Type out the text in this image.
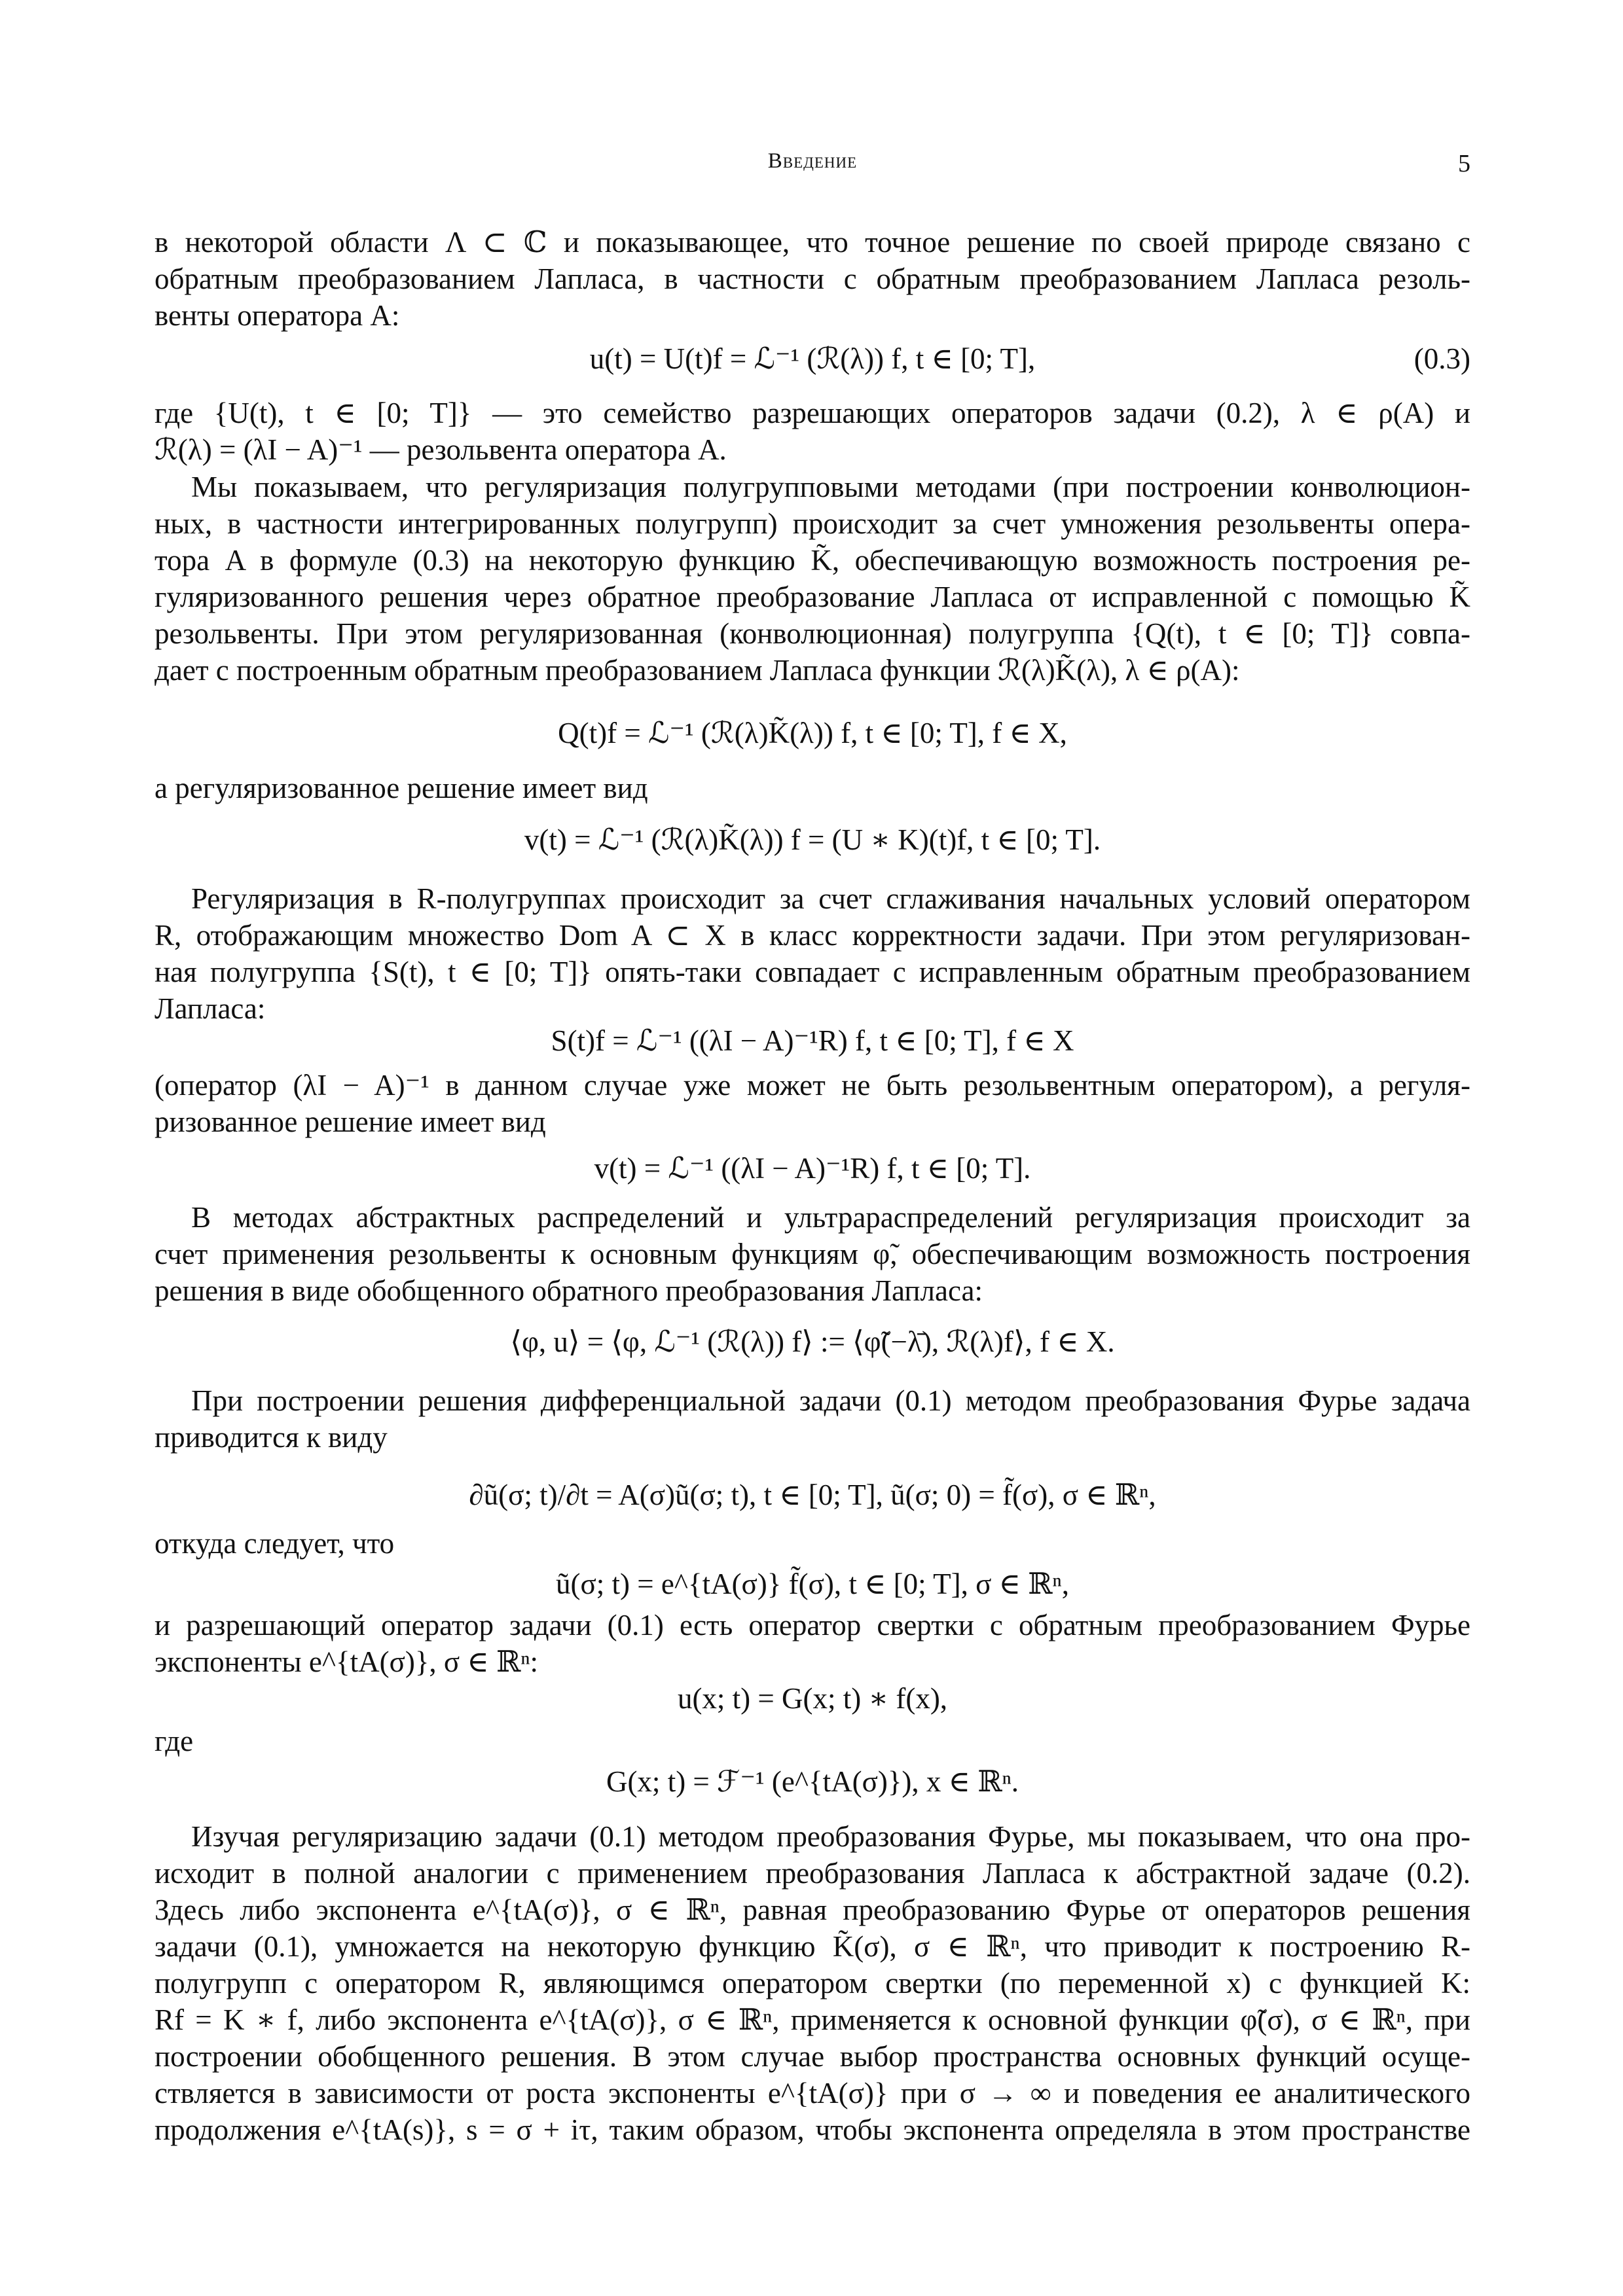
Введение	5
в некоторой области Λ ⊂ ℂ и показывающее, что точное решение по своей природе связано с
обратным преобразованием Лапласа, в частности с обратным преобразованием Лапласа резоль-
венты оператора A:
u(t) = U(t)f = ℒ⁻¹ (ℛ(λ)) f, t ∈ [0; T],	(0.3)
где {U(t), t ∈ [0; T]} — это семейство разрешающих операторов задачи (0.2), λ ∈ ρ(A) и
ℛ(λ) = (λI − A)⁻¹ — резольвента оператора A.
Мы показываем, что регуляризация полугрупповыми методами (при построении конволюцион-
ных, в частности интегрированных полугрупп) происходит за счет умножения резольвенты опера-
тора A в формуле (0.3) на некоторую функцию K̃, обеспечивающую возможность построения ре-
гуляризованного решения через обратное преобразование Лапласа от исправленной с помощью K̃
резольвенты. При этом регуляризованная (конволюционная) полугруппа {Q(t), t ∈ [0; T]} совпа-
дает с построенным обратным преобразованием Лапласа функции ℛ(λ)K̃(λ), λ ∈ ρ(A):
Q(t)f = ℒ⁻¹ (ℛ(λ)K̃(λ)) f, t ∈ [0; T], f ∈ X,
а регуляризованное решение имеет вид
v(t) = ℒ⁻¹ (ℛ(λ)K̃(λ)) f = (U ∗ K)(t)f, t ∈ [0; T].
Регуляризация в R-полугруппах происходит за счет сглаживания начальных условий оператором
R, отображающим множество Dom A ⊂ X в класс корректности задачи. При этом регуляризован-
ная полугруппа {S(t), t ∈ [0; T]} опять-таки совпадает с исправленным обратным преобразованием
Лапласа:
S(t)f = ℒ⁻¹ ((λI − A)⁻¹R) f, t ∈ [0; T], f ∈ X
(оператор (λI − A)⁻¹ в данном случае уже может не быть резольвентным оператором), а регуля-
ризованное решение имеет вид
v(t) = ℒ⁻¹ ((λI − A)⁻¹R) f, t ∈ [0; T].
В методах абстрактных распределений и ультрараспределений регуляризация происходит за
счет применения резольвенты к основным функциям φ̃, обеспечивающим возможность построения
решения в виде обобщенного обратного преобразования Лапласа:
⟨φ, u⟩ = ⟨φ, ℒ⁻¹ (ℛ(λ)) f⟩ := ⟨φ̃(−λ̄), ℛ(λ)f⟩, f ∈ X.
При построении решения дифференциальной задачи (0.1) методом преобразования Фурье задача
приводится к виду
∂ũ(σ; t)/∂t = A(σ)ũ(σ; t), t ∈ [0; T], ũ(σ; 0) = f̃(σ), σ ∈ ℝⁿ,
откуда следует, что
ũ(σ; t) = e^{tA(σ)} f̃(σ), t ∈ [0; T], σ ∈ ℝⁿ,
и разрешающий оператор задачи (0.1) есть оператор свертки с обратным преобразованием Фурье
экспоненты e^{tA(σ)}, σ ∈ ℝⁿ:
u(x; t) = G(x; t) ∗ f(x),
где
G(x; t) = ℱ⁻¹ (e^{tA(σ)}), x ∈ ℝⁿ.
Изучая регуляризацию задачи (0.1) методом преобразования Фурье, мы показываем, что она про-
исходит в полной аналогии с применением преобразования Лапласа к абстрактной задаче (0.2).
Здесь либо экспонента e^{tA(σ)}, σ ∈ ℝⁿ, равная преобразованию Фурье от операторов решения
задачи (0.1), умножается на некоторую функцию K̃(σ), σ ∈ ℝⁿ, что приводит к построению R-
полугрупп с оператором R, являющимся оператором свертки (по переменной x) с функцией K:
Rf = K ∗ f, либо экспонента e^{tA(σ)}, σ ∈ ℝⁿ, применяется к основной функции φ̃(σ), σ ∈ ℝⁿ, при
построении обобщенного решения. В этом случае выбор пространства основных функций осуще-
ствляется в зависимости от роста экспоненты e^{tA(σ)} при σ → ∞ и поведения ее аналитического
продолжения e^{tA(s)}, s = σ + iτ, таким образом, чтобы экспонента определяла в этом пространстве
